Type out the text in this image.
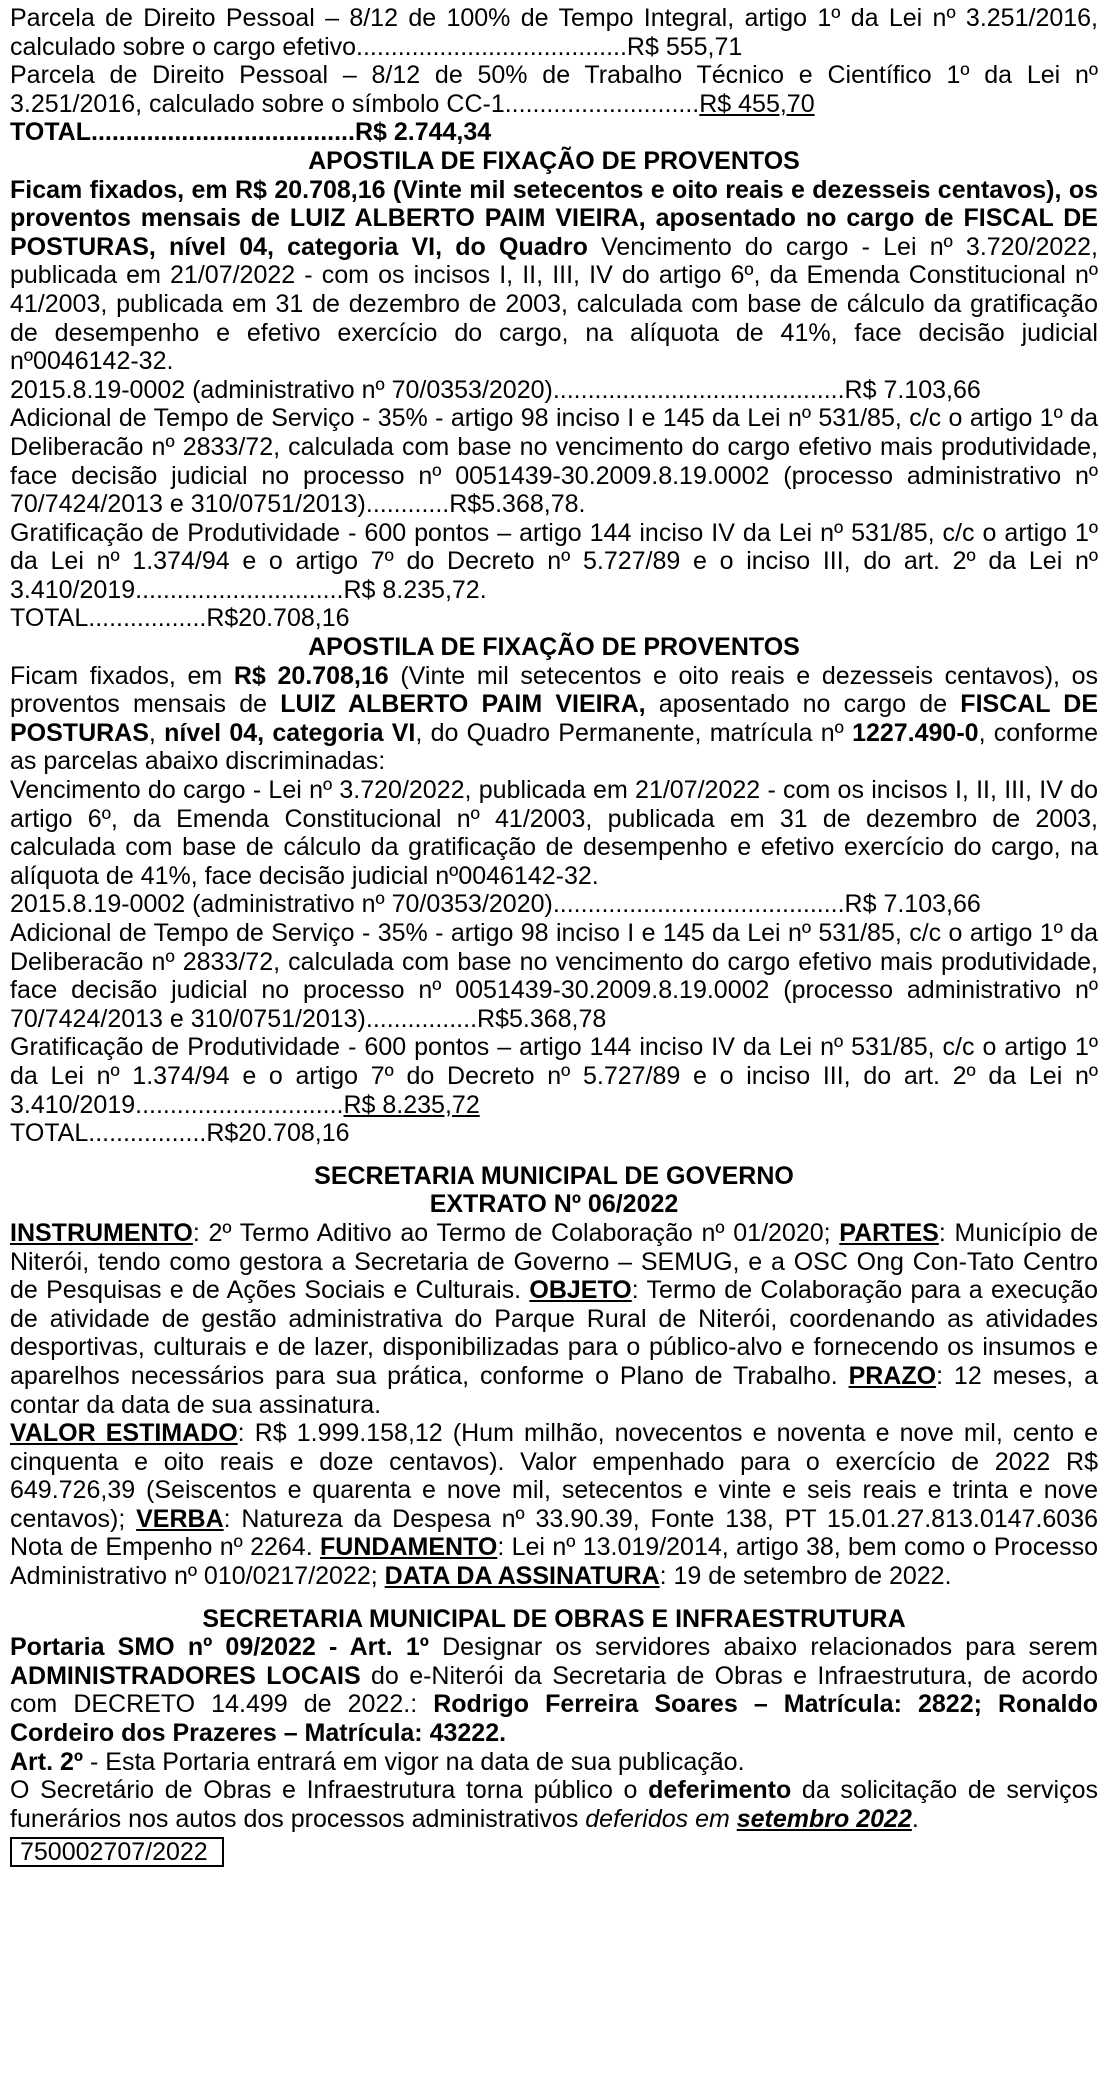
Parcela de Direito Pessoal – 8/12 de 100% de Tempo Integral, artigo 1º da Lei nº 3.251/2016, calculado sobre o cargo efetivo.......................................R$ 555,71

Parcela de Direito Pessoal – 8/12 de 50% de Trabalho Técnico e Científico 1º da Lei nº 3.251/2016, calculado sobre o símbolo CC-1............................R$ 455,70

TOTAL......................................R$ 2.744,34

APOSTILA DE FIXAÇÃO DE PROVENTOS

Ficam fixados, em R$ 20.708,16 (Vinte mil setecentos e oito reais e dezesseis centavos), os proventos mensais de LUIZ ALBERTO PAIM VIEIRA, aposentado no cargo de FISCAL DE POSTURAS, nível 04, categoria VI, do Quadro Vencimento do cargo - Lei nº 3.720/2022, publicada em 21/07/2022 - com os incisos I, II, III, IV do artigo 6º, da Emenda Constitucional nº 41/2003, publicada em 31 de dezembro de 2003, calculada com base de cálculo da gratificação de desempenho e efetivo exercício do cargo, na alíquota de 41%, face decisão judicial nº0046142-32.

2015.8.19-0002 (administrativo nº 70/0353/2020)..........................................R$ 7.103,66

Adicional de Tempo de Serviço - 35% - artigo 98 inciso I e 145 da Lei nº 531/85, c/c o artigo 1º da Deliberacão nº 2833/72, calculada com base no vencimento do cargo efetivo mais produtividade, face decisão judicial no processo nº 0051439-30.2009.8.19.0002 (processo administrativo nº 70/7424/2013 e 310/0751/2013)............R$5.368,78.

Gratificação de Produtividade - 600 pontos – artigo 144 inciso IV da Lei nº 531/85, c/c o artigo 1º da Lei nº 1.374/94 e o artigo 7º do Decreto nº 5.727/89 e o inciso III, do art. 2º da Lei nº 3.410/2019..............................R$ 8.235,72.

TOTAL.................R$20.708,16

APOSTILA DE FIXAÇÃO DE PROVENTOS

Ficam fixados, em R$ 20.708,16 (Vinte mil setecentos e oito reais e dezesseis centavos), os proventos mensais de LUIZ ALBERTO PAIM VIEIRA, aposentado no cargo de FISCAL DE POSTURAS, nível 04, categoria VI, do Quadro Permanente, matrícula nº 1227.490-0, conforme as parcelas abaixo discriminadas:

Vencimento do cargo - Lei nº 3.720/2022, publicada em 21/07/2022 - com os incisos I, II, III, IV do artigo 6º, da Emenda Constitucional nº 41/2003, publicada em 31 de dezembro de 2003, calculada com base de cálculo da gratificação de desempenho e efetivo exercício do cargo, na alíquota de 41%, face decisão judicial nº0046142-32.

2015.8.19-0002 (administrativo nº 70/0353/2020)..........................................R$ 7.103,66

Adicional de Tempo de Serviço - 35% - artigo 98 inciso I e 145 da Lei nº 531/85, c/c o artigo 1º da Deliberacão nº 2833/72, calculada com base no vencimento do cargo efetivo mais produtividade, face decisão judicial no processo nº 0051439-30.2009.8.19.0002 (processo administrativo nº 70/7424/2013 e 310/0751/2013)................R$5.368,78

Gratificação de Produtividade - 600 pontos – artigo 144 inciso IV da Lei nº 531/85, c/c o artigo 1º da Lei nº 1.374/94 e o artigo 7º do Decreto nº 5.727/89 e o inciso III, do art. 2º da Lei nº 3.410/2019..............................R$ 8.235,72

TOTAL.................R$20.708,16

SECRETARIA MUNICIPAL DE GOVERNO

EXTRATO Nº 06/2022

INSTRUMENTO: 2º Termo Aditivo ao Termo de Colaboração nº 01/2020; PARTES: Município de Niterói, tendo como gestora a Secretaria de Governo – SEMUG, e a OSC Ong Con-Tato Centro de Pesquisas e de Ações Sociais e Culturais. OBJETO: Termo de Colaboração para a execução de atividade de gestão administrativa do Parque Rural de Niterói, coordenando as atividades desportivas, culturais e de lazer, disponibilizadas para o público-alvo e fornecendo os insumos e aparelhos necessários para sua prática, conforme o Plano de Trabalho. PRAZO: 12 meses, a contar da data de sua assinatura.

VALOR ESTIMADO: R$ 1.999.158,12 (Hum milhão, novecentos e noventa e nove mil, cento e cinquenta e oito reais e doze centavos). Valor empenhado para o exercício de 2022 R$ 649.726,39 (Seiscentos e quarenta e nove mil, setecentos e vinte e seis reais e trinta e nove centavos); VERBA: Natureza da Despesa nº 33.90.39, Fonte 138, PT 15.01.27.813.0147.6036 Nota de Empenho nº 2264. FUNDAMENTO: Lei nº 13.019/2014, artigo 38, bem como o Processo Administrativo nº 010/0217/2022; DATA DA ASSINATURA: 19 de setembro de 2022.

SECRETARIA MUNICIPAL DE OBRAS E INFRAESTRUTURA

Portaria SMO nº 09/2022 - Art. 1º Designar os servidores abaixo relacionados para serem ADMINISTRADORES LOCAIS do e-Niterói da Secretaria de Obras e Infraestrutura, de acordo com DECRETO 14.499 de 2022.: Rodrigo Ferreira Soares – Matrícula: 2822; Ronaldo Cordeiro dos Prazeres – Matrícula: 43222.

Art. 2º - Esta Portaria entrará em vigor na data de sua publicação.

O Secretário de Obras e Infraestrutura torna público o deferimento da solicitação de serviços funerários nos autos dos processos administrativos deferidos em setembro 2022.

750002707/2022
